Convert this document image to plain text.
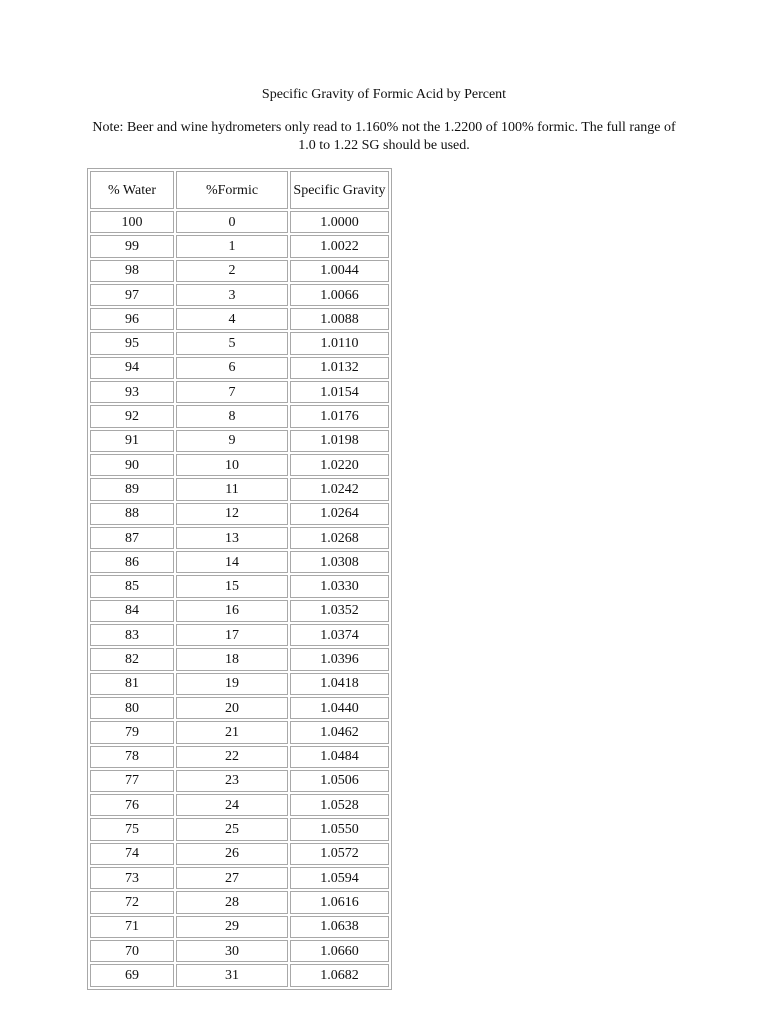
Specific Gravity of Formic Acid by Percent
Note: Beer and wine hydrometers only read to 1.160% not the 1.2200 of 100% formic. The full range of 1.0 to 1.22 SG should be used.
% Water	%Formic	Specific Gravity
100	0	1.0000
99	1	1.0022
98	2	1.0044
97	3	1.0066
96	4	1.0088
95	5	1.0110
94	6	1.0132
93	7	1.0154
92	8	1.0176
91	9	1.0198
90	10	1.0220
89	11	1.0242
88	12	1.0264
87	13	1.0268
86	14	1.0308
85	15	1.0330
84	16	1.0352
83	17	1.0374
82	18	1.0396
81	19	1.0418
80	20	1.0440
79	21	1.0462
78	22	1.0484
77	23	1.0506
76	24	1.0528
75	25	1.0550
74	26	1.0572
73	27	1.0594
72	28	1.0616
71	29	1.0638
70	30	1.0660
69	31	1.0682
